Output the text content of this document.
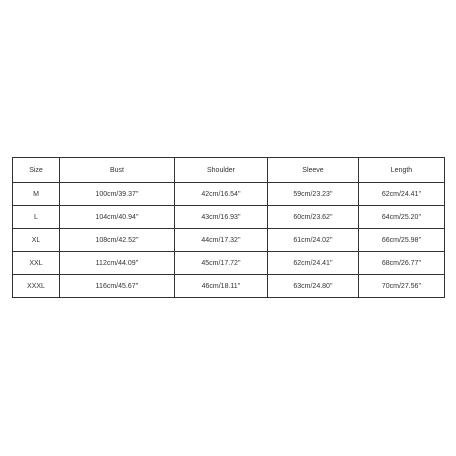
Size	Bust	Shoulder	Sleeve	Length
M	100cm/39.37''	42cm/16.54''	59cm/23.23''	62cm/24.41''
L	104cm/40.94''	43cm/16.93''	60cm/23.62''	64cm/25.20''
XL	108cm/42.52''	44cm/17.32''	61cm/24.02''	66cm/25.98''
XXL	112cm/44.09''	45cm/17.72''	62cm/24.41''	68cm/26.77''
XXXL	116cm/45.67''	46cm/18.11''	63cm/24.80''	70cm/27.56''
